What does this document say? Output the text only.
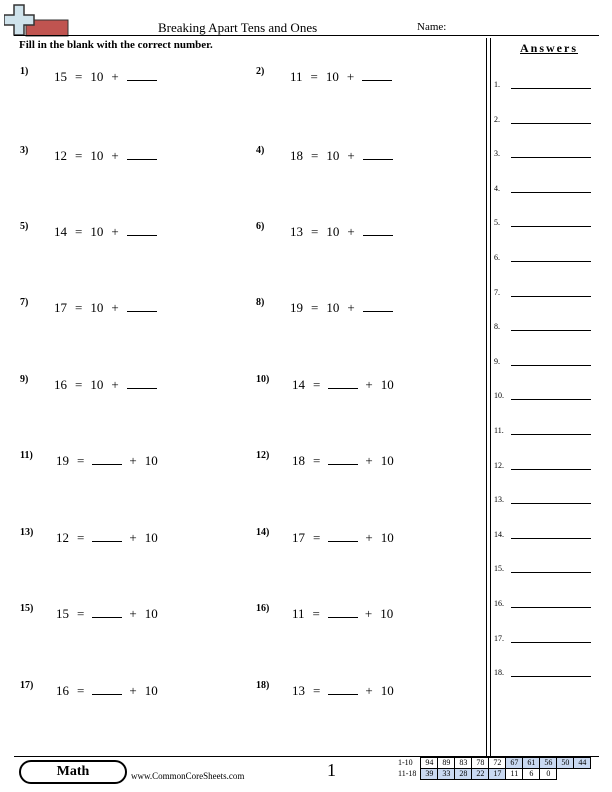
Breaking Apart Tens and Ones	Name:
Fill in the blank with the correct number.
1) 15 = 10 +	2) 11 = 10 +
3) 12 = 10 +	4) 18 = 10 +
5) 14 = 10 +	6) 13 = 10 +
7) 17 = 10 +	8) 19 = 10 +
9) 16 = 10 +	10) 14 =	+ 10
11) 19 =	+ 10	12) 18 =	+ 10
13) 12 =	+ 10	14) 17 =	+ 10
15) 15 =	+ 10	16) 11 =	+ 10
17) 16 =	+ 10	18) 13 =	+ 10
Answers
1.
2.
3.
4.
5.
6.
7.
8.
9.
10.
11.
12.
13.
14.
15.
16.
17.
18.
Math	www.CommonCoreSheets.com	1	1-10	94	89	83	78	72	67	61	56	50	44
11-18	39	33	28	22	17	11	6	0		
